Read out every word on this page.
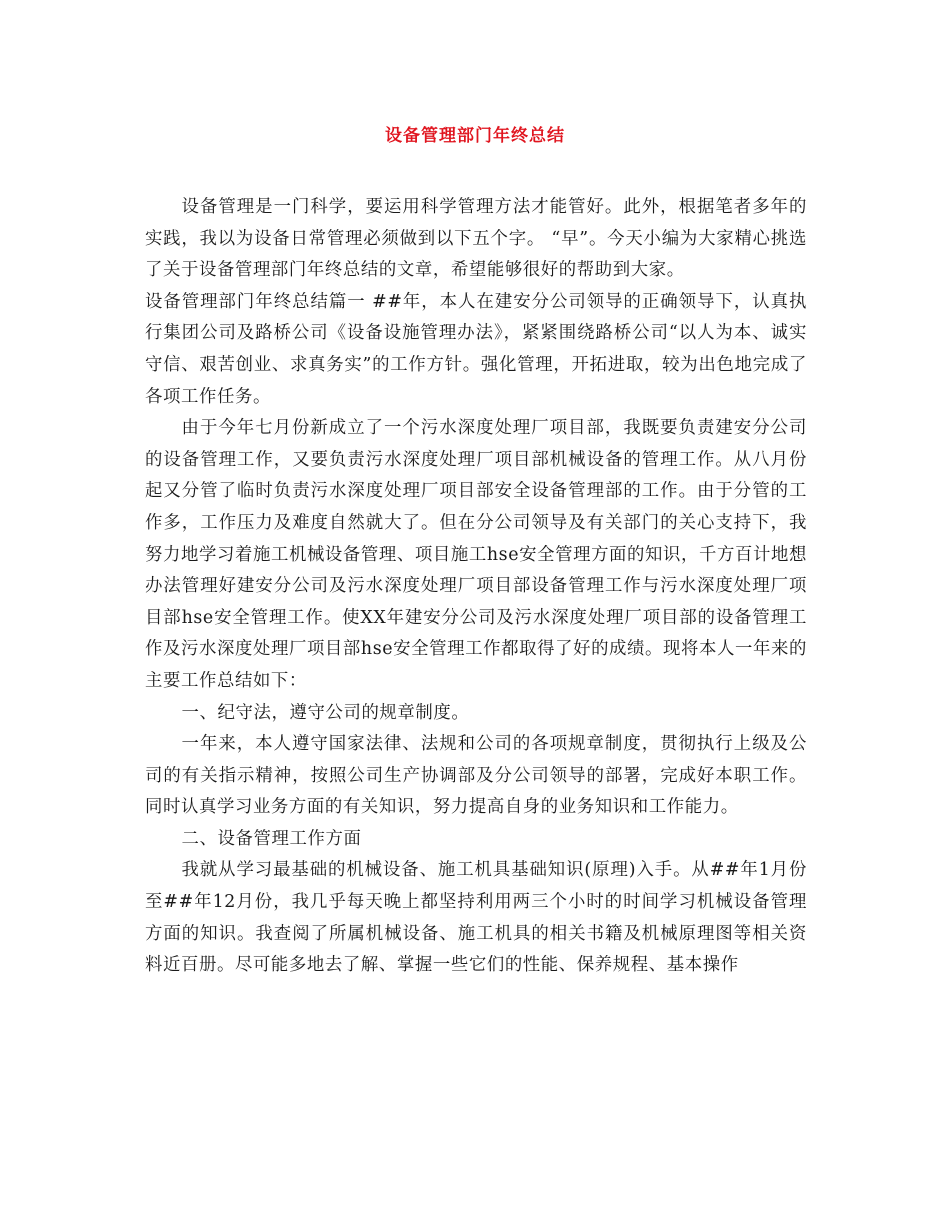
设备管理部门年终总结

设备管理是一门科学，要运用科学管理方法才能管好。此外，根据笔者多年的实践，我以为设备日常管理必须做到以下五个字。 “早”。今天小编为大家精心挑选了关于设备管理部门年终总结的文章，希望能够很好的帮助到大家。

设备管理部门年终总结篇一 ##年，本人在建安分公司领导的正确领导下，认真执行集团公司及路桥公司《设备设施管理办法》，紧紧围绕路桥公司“以人为本、诚实守信、艰苦创业、求真务实”的工作方针。强化管理，开拓进取，较为出色地完成了各项工作任务。

由于今年七月份新成立了一个污水深度处理厂项目部，我既要负责建安分公司的设备管理工作，又要负责污水深度处理厂项目部机械设备的管理工作。从八月份起又分管了临时负责污水深度处理厂项目部安全设备管理部的工作。由于分管的工作多，工作压力及难度自然就大了。但在分公司领导及有关部门的关心支持下，我努力地学习着施工机械设备管理、项目施工hse安全管理方面的知识，千方百计地想办法管理好建安分公司及污水深度处理厂项目部设备管理工作与污水深度处理厂项目部hse安全管理工作。使XX年建安分公司及污水深度处理厂项目部的设备管理工作及污水深度处理厂项目部hse安全管理工作都取得了好的成绩。现将本人一年来的主要工作总结如下：

一、纪守法，遵守公司的规章制度。

一年来，本人遵守国家法律、法规和公司的各项规章制度，贯彻执行上级及公司的有关指示精神，按照公司生产协调部及分公司领导的部署，完成好本职工作。同时认真学习业务方面的有关知识，努力提高自身的业务知识和工作能力。

二、设备管理工作方面

我就从学习最基础的机械设备、施工机具基础知识(原理)入手。从##年1月份至##年12月份，我几乎每天晚上都坚持利用两三个小时的时间学习机械设备管理方面的知识。我查阅了所属机械设备、施工机具的相关书籍及机械原理图等相关资料近百册。尽可能多地去了解、掌握一些它们的性能、保养规程、基本操作
